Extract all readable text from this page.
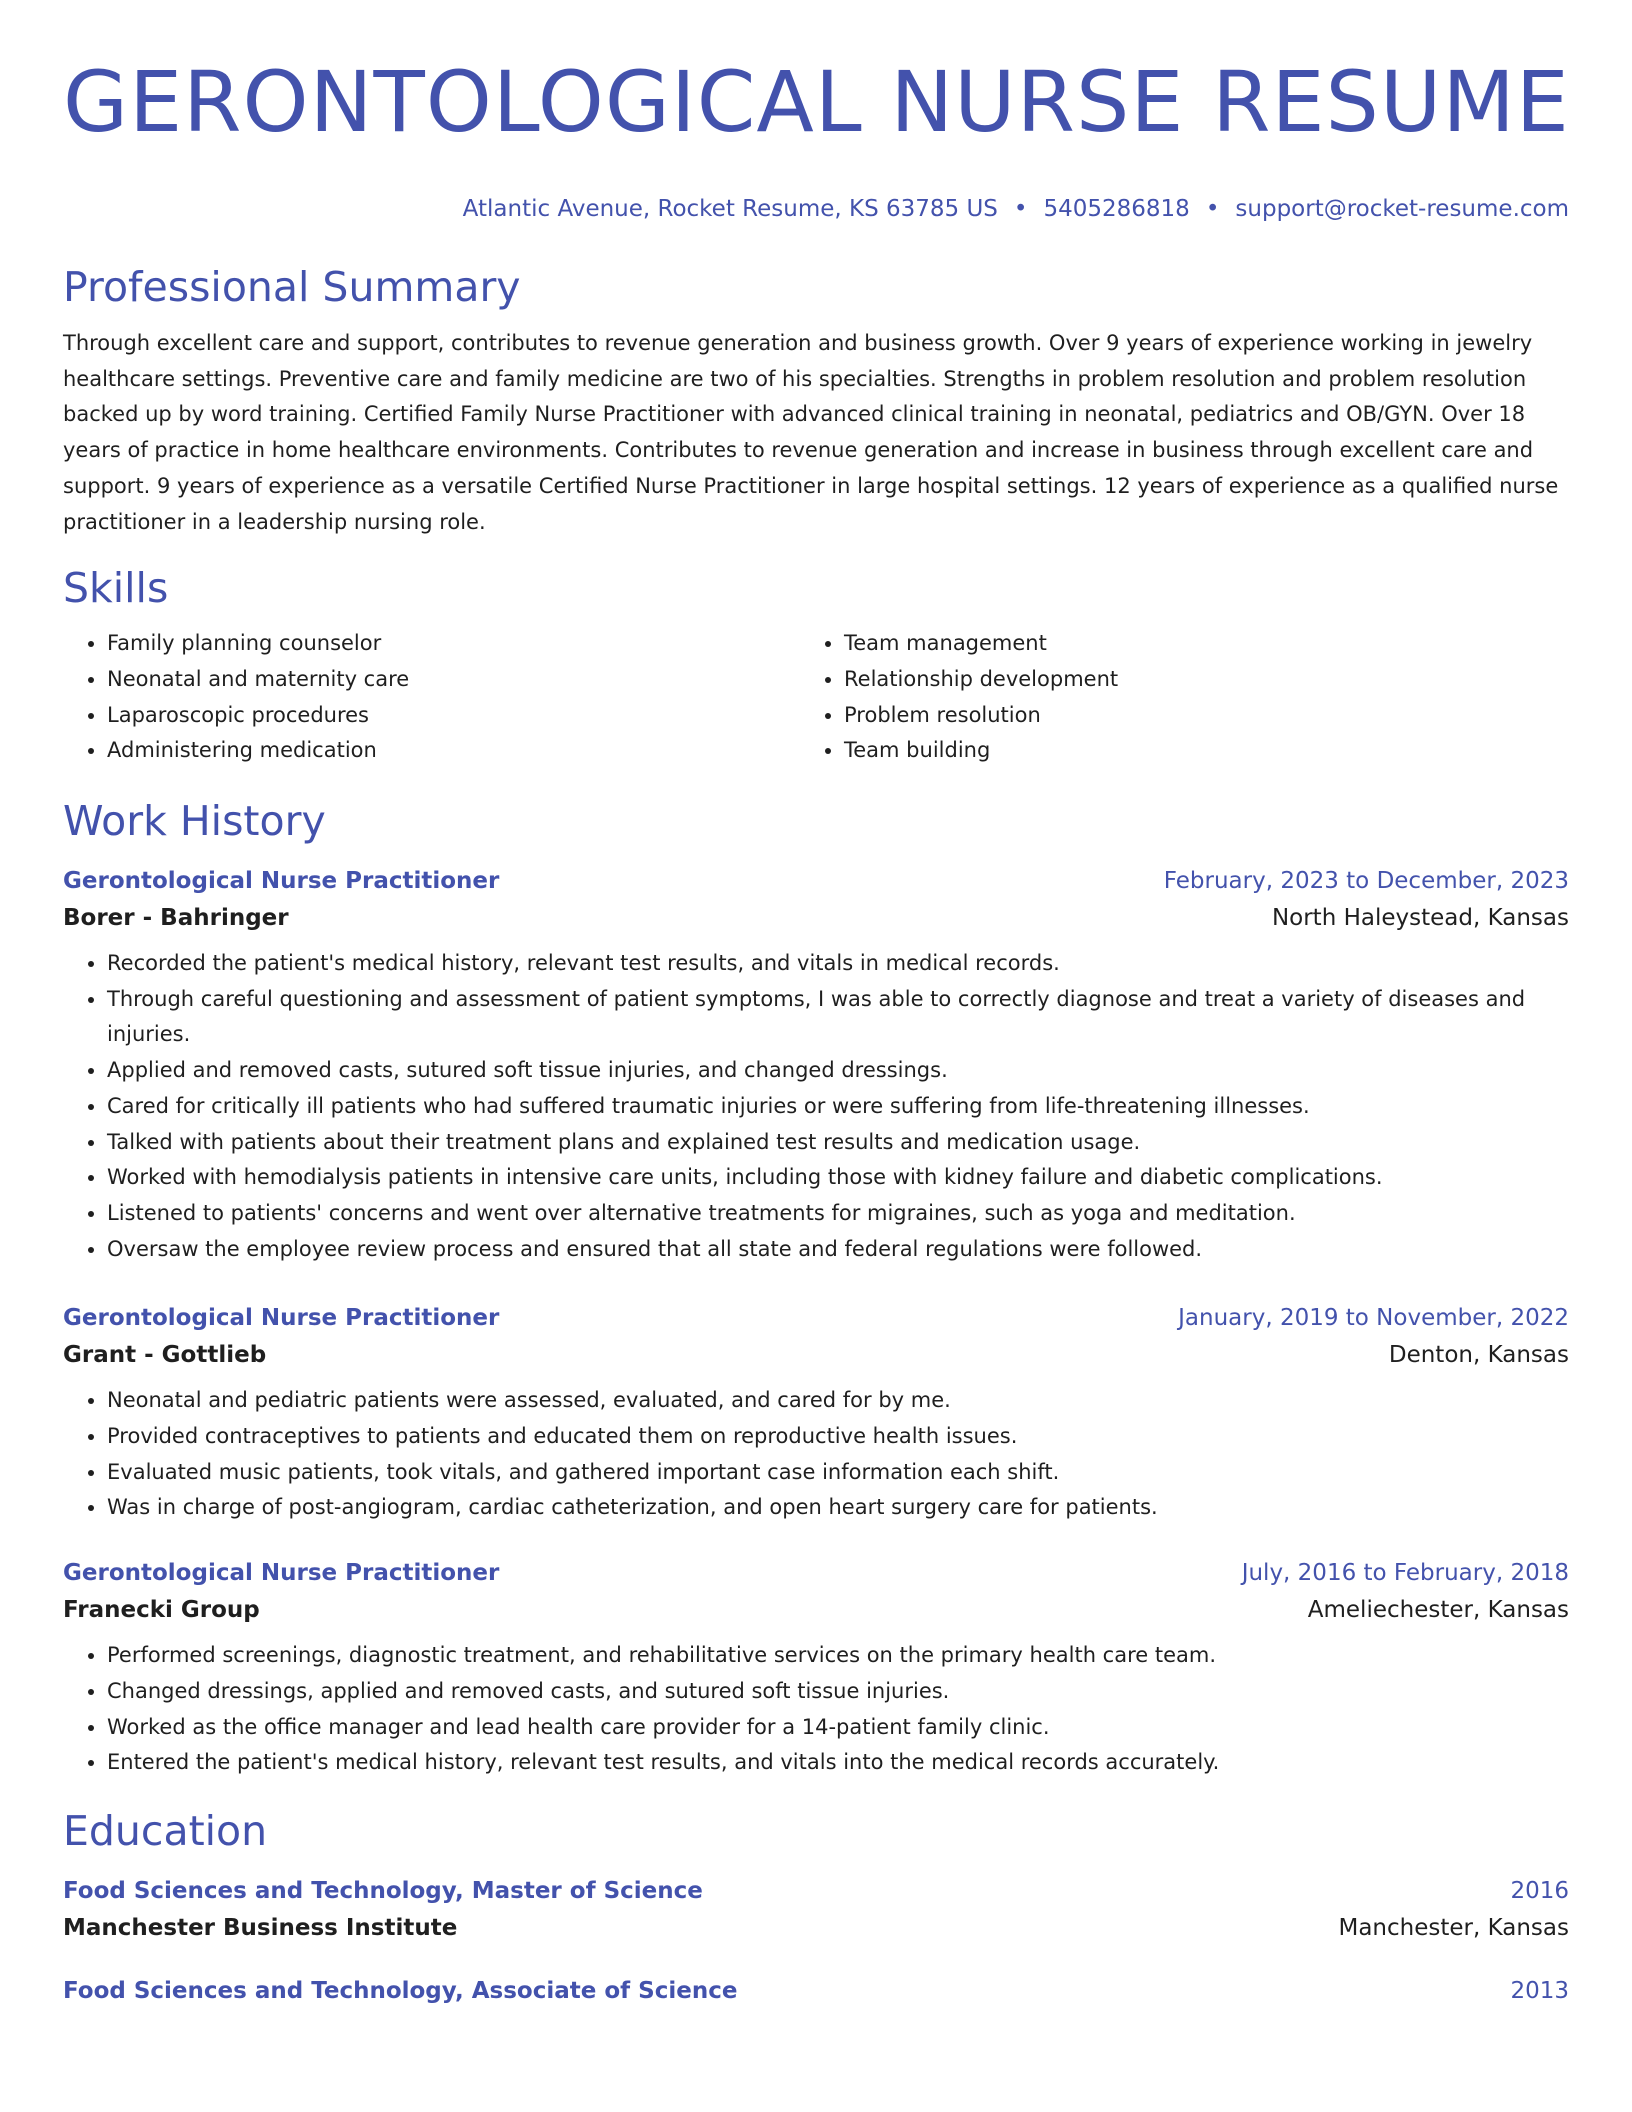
GERONTOLOGICAL NURSE RESUME
Atlantic Avenue, Rocket Resume, KS 63785 US • 5405286818 • support@rocket-resume.com
Professional Summary
Through excellent care and support, contributes to revenue generation and business growth. Over 9 years of experience working in jewelry healthcare settings. Preventive care and family medicine are two of his specialties. Strengths in problem resolution and problem resolution backed up by word training. Certified Family Nurse Practitioner with advanced clinical training in neonatal, pediatrics and OB/GYN. Over 18 years of practice in home healthcare environments. Contributes to revenue generation and increase in business through excellent care and support. 9 years of experience as a versatile Certified Nurse Practitioner in large hospital settings. 12 years of experience as a qualified nurse practitioner in a leadership nursing role.
Skills
• Family planning counselor
• Neonatal and maternity care
• Laparoscopic procedures
• Administering medication
• Team management
• Relationship development
• Problem resolution
• Team building
Work History
Gerontological Nurse Practitioner	February, 2023 to December, 2023
Borer - Bahringer	North Haleystead, Kansas
• Recorded the patient's medical history, relevant test results, and vitals in medical records.
• Through careful questioning and assessment of patient symptoms, I was able to correctly diagnose and treat a variety of diseases and injuries.
• Applied and removed casts, sutured soft tissue injuries, and changed dressings.
• Cared for critically ill patients who had suffered traumatic injuries or were suffering from life-threatening illnesses.
• Talked with patients about their treatment plans and explained test results and medication usage.
• Worked with hemodialysis patients in intensive care units, including those with kidney failure and diabetic complications.
• Listened to patients' concerns and went over alternative treatments for migraines, such as yoga and meditation.
• Oversaw the employee review process and ensured that all state and federal regulations were followed.
Gerontological Nurse Practitioner	January, 2019 to November, 2022
Grant - Gottlieb	Denton, Kansas
• Neonatal and pediatric patients were assessed, evaluated, and cared for by me.
• Provided contraceptives to patients and educated them on reproductive health issues.
• Evaluated music patients, took vitals, and gathered important case information each shift.
• Was in charge of post-angiogram, cardiac catheterization, and open heart surgery care for patients.
Gerontological Nurse Practitioner	July, 2016 to February, 2018
Franecki Group	Ameliechester, Kansas
• Performed screenings, diagnostic treatment, and rehabilitative services on the primary health care team.
• Changed dressings, applied and removed casts, and sutured soft tissue injuries.
• Worked as the office manager and lead health care provider for a 14-patient family clinic.
• Entered the patient's medical history, relevant test results, and vitals into the medical records accurately.
Education
Food Sciences and Technology, Master of Science	2016
Manchester Business Institute	Manchester, Kansas
Food Sciences and Technology, Associate of Science	2013
